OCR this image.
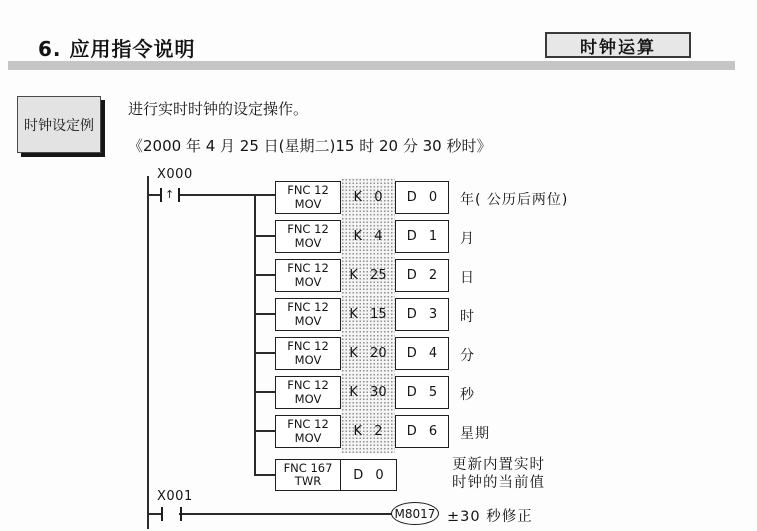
6. 应用指令说明	时钟运算
时钟设定例
进行实时时钟的设定操作。
《2000 年 4 月 25 日(星期二)15 时 20 分 30 秒时》
X000
↑	FNC 12
MOV K 0	D 0	年( 公历后两位)
FNC 12
MOV K 4	D 1	月
FNC 12
MOV K 25	D 2	日
FNC 12
MOV K 15	D 3	时
FNC 12
MOV K 20	D 4	分
FNC 12
MOV K 30	D 5	秒
FNC 12
MOV K 2	D 6	星期
FNC 167
TWR	D 0
更新内置实时
时钟的当前值
X001
M8017 ±30 秒修正
